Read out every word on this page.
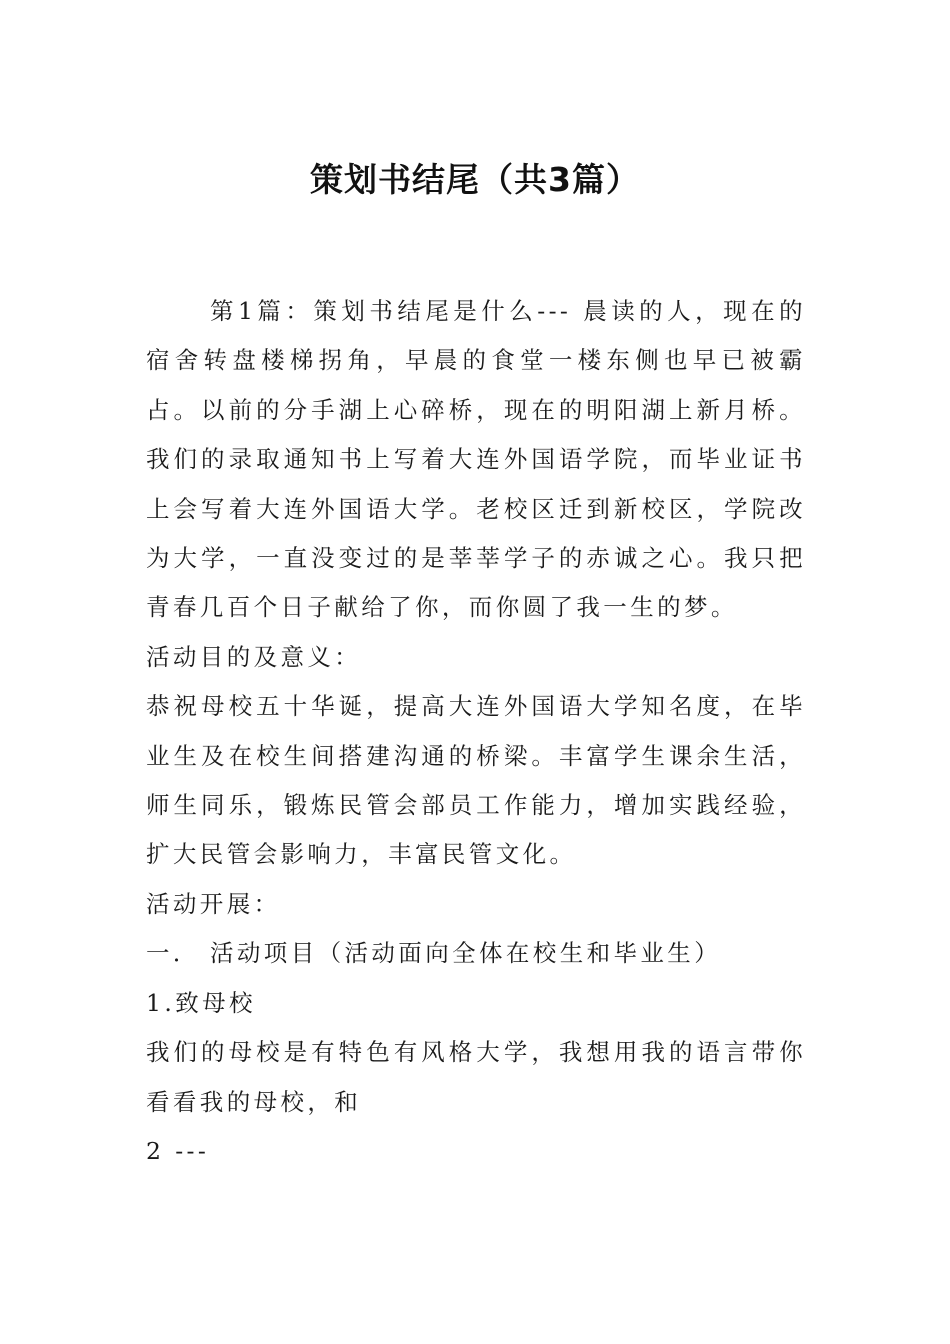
策划书结尾（共3篇）

第1篇：策划书结尾是什么--- 晨读的人，现在的宿舍转盘楼梯拐角，早晨的食堂一楼东侧也早已被霸占。以前的分手湖上心碎桥，现在的明阳湖上新月桥。我们的录取通知书上写着大连外国语学院，而毕业证书上会写着大连外国语大学。老校区迁到新校区，学院改为大学，一直没变过的是莘莘学子的赤诚之心。我只把青春几百个日子献给了你，而你圆了我一生的梦。

活动目的及意义：

恭祝母校五十华诞，提高大连外国语大学知名度，在毕业生及在校生间搭建沟通的桥梁。丰富学生课余生活，师生同乐，锻炼民管会部员工作能力，增加实践经验，扩大民管会影响力，丰富民管文化。

活动开展：

一． 活动项目（活动面向全体在校生和毕业生）

1.致母校

我们的母校是有特色有风格大学，我想用我的语言带你看看我的母校，和

2 ---
